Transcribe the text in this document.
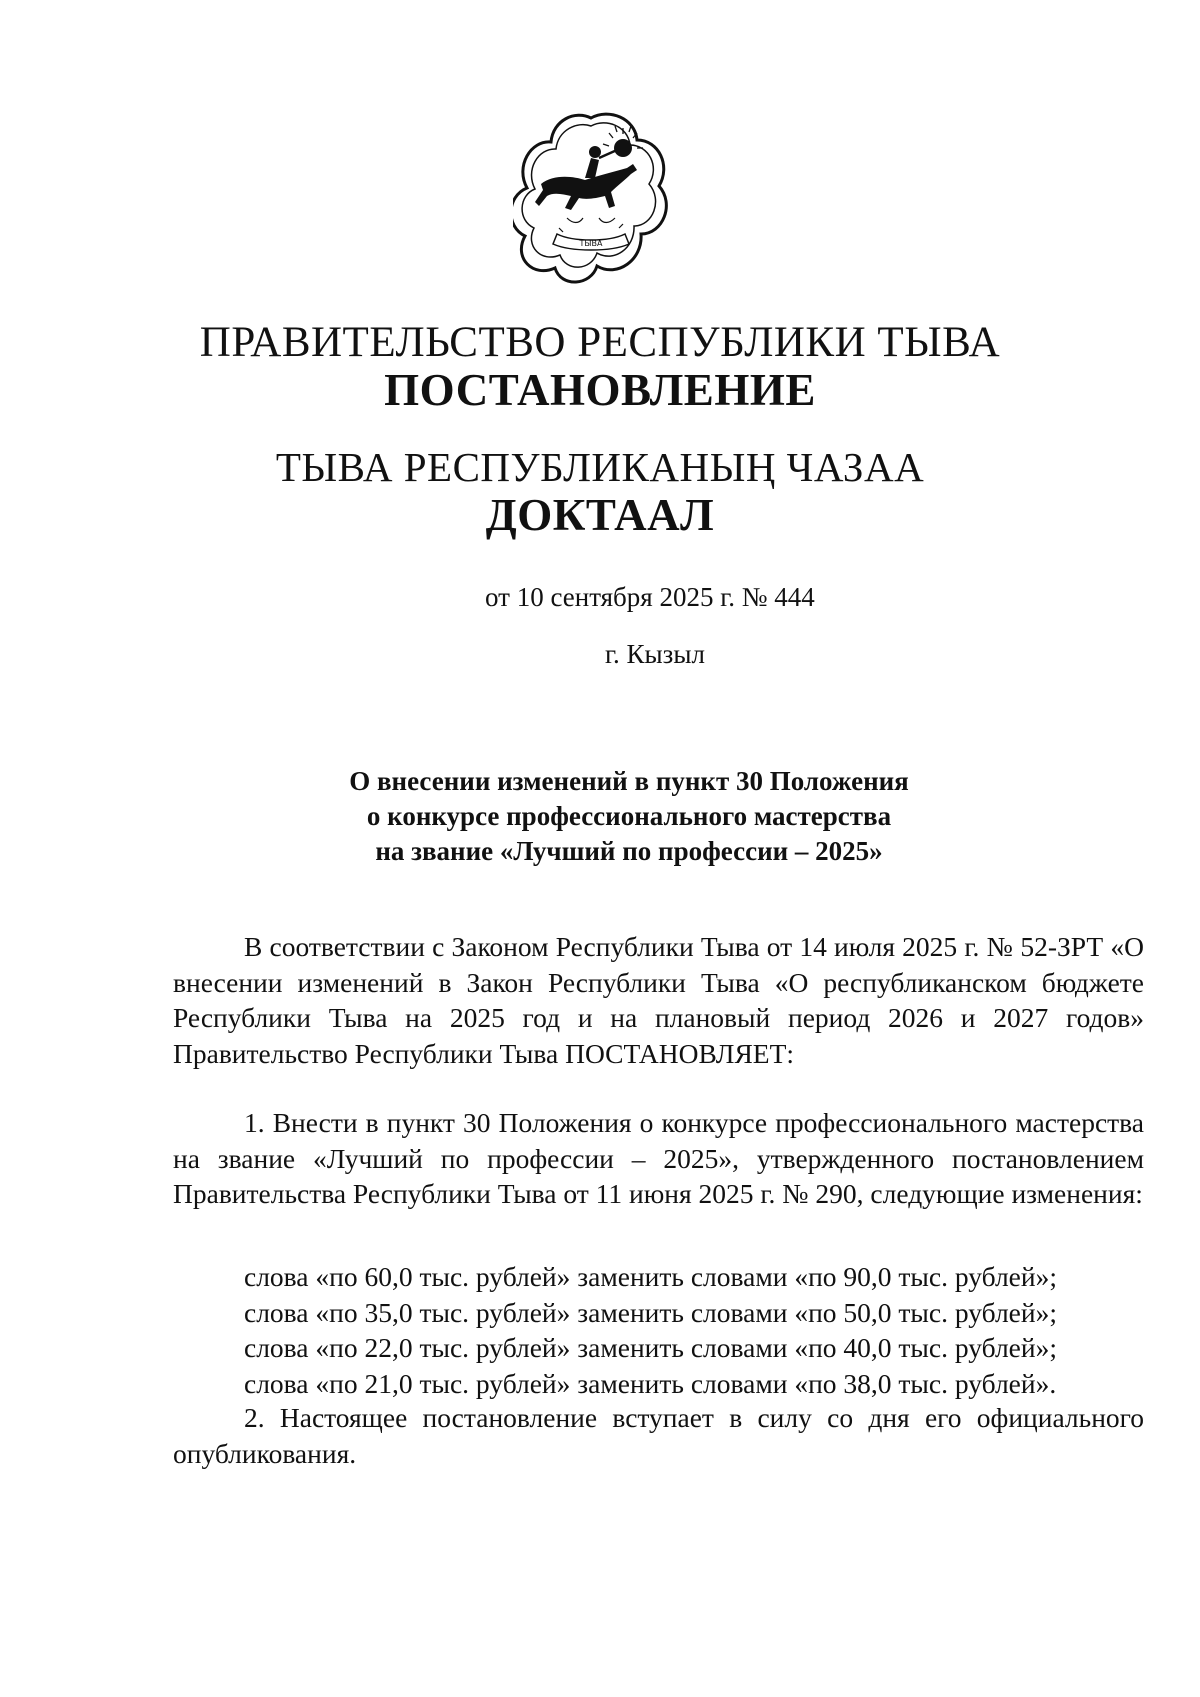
ТЫВА
ПРАВИТЕЛЬСТВО РЕСПУБЛИКИ ТЫВА
ПОСТАНОВЛЕНИЕ
ТЫВА РЕСПУБЛИКАНЫҢ ЧАЗАА
ДОКТААЛ
от 10 сентября 2025 г. № 444
г. Кызыл
О внесении изменений в пункт 30 Положения
о конкурсе профессионального мастерства
на звание «Лучший по профессии – 2025»
В соответствии с Законом Республики Тыва от 14 июля 2025 г. № 52-ЗРТ «О внесении изменений в Закон Республики Тыва «О республиканском бюджете Республики Тыва на 2025 год и на плановый период 2026 и 2027 годов» Правительство Республики Тыва ПОСТАНОВЛЯЕТ:
1. Внести в пункт 30 Положения о конкурсе профессионального мастерства на звание «Лучший по профессии – 2025», утвержденного постановлением Правительства Республики Тыва от 11 июня 2025 г. № 290, следующие изменения:
слова «по 60,0 тыс. рублей» заменить словами «по 90,0 тыс. рублей»;
слова «по 35,0 тыс. рублей» заменить словами «по 50,0 тыс. рублей»;
слова «по 22,0 тыс. рублей» заменить словами «по 40,0 тыс. рублей»;
слова «по 21,0 тыс. рублей» заменить словами «по 38,0 тыс. рублей».
2. Настоящее постановление вступает в силу со дня его официального опубликования.
